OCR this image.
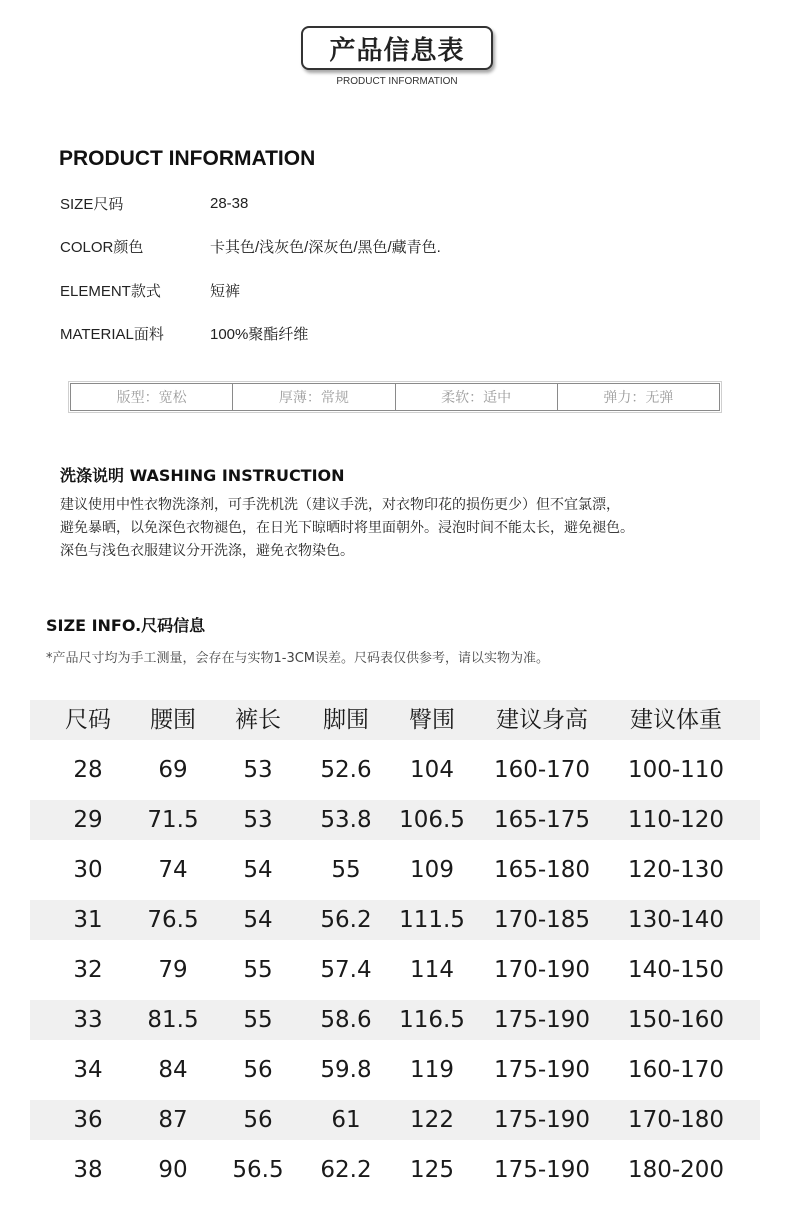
产品信息表
PRODUCT INFORMATION
PRODUCT INFORMATION
SIZE尺码	28-38
COLOR颜色	卡其色/浅灰色/深灰色/黑色/藏青色.
ELEMENT款式	短裤
MATERIAL面料	100%聚酯纤维
版型：宽松	厚薄：常规	柔软：适中	弹力：无弹
洗涤说明 WASHING INSTRUCTION
建议使用中性衣物洗涤剂，可手洗机洗（建议手洗，对衣物印花的损伤更少）但不宜氯漂，
避免暴晒，以免深色衣物褪色，在日光下晾晒时将里面朝外。浸泡时间不能太长，避免褪色。
深色与浅色衣服建议分开洗涤，避免衣物染色。
SIZE INFO.尺码信息
*产品尺寸均为手工测量，会存在与实物1-3CM误差。尺码表仅供参考，请以实物为准。
尺码	腰围	裤长	脚围	臀围	建议身高	建议体重
28	69	53	52.6	104	160-170	100-110
29	71.5	53	53.8	106.5	165-175	110-120
30	74	54	55	109	165-180	120-130
31	76.5	54	56.2	111.5	170-185	130-140
32	79	55	57.4	114	170-190	140-150
33	81.5	55	58.6	116.5	175-190	150-160
34	84	56	59.8	119	175-190	160-170
36	87	56	61	122	175-190	170-180
38	90	56.5	62.2	125	175-190	180-200
